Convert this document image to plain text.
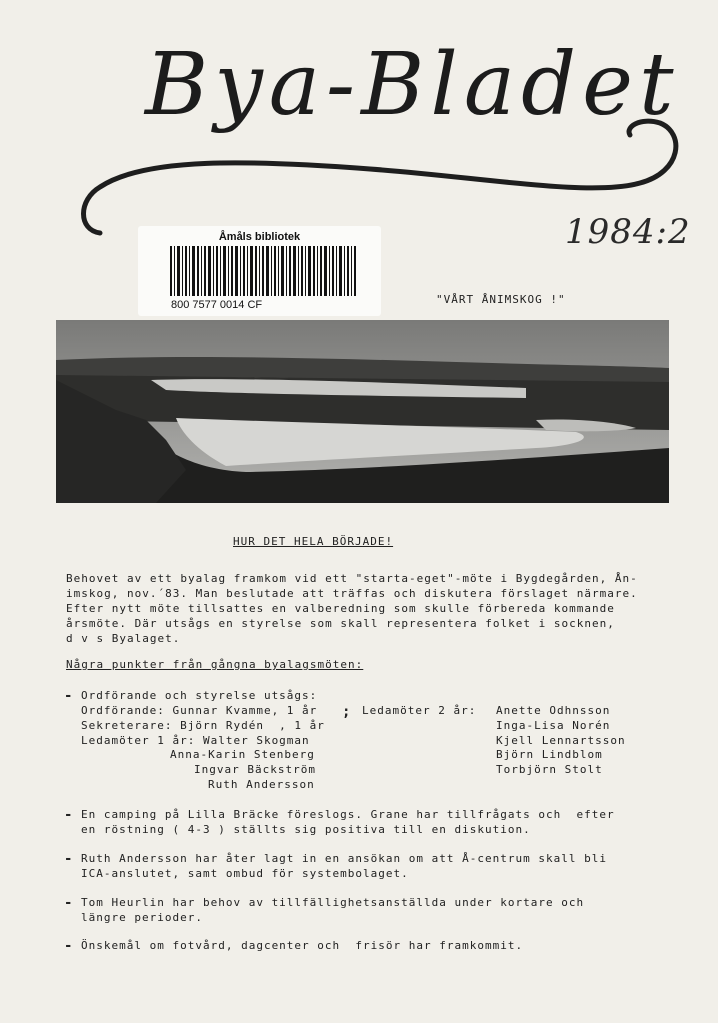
Bya-Bladet
1984:2
Åmåls bibliotek
800 7577 0014 CF	"VÅRT ÅNIMSKOG !"
HUR DET HELA BÖRJADE!
Behovet av ett byalag framkom vid ett "starta-eget"-möte i Bygdegården, Ån-
imskog, nov.´83. Man beslutade att träffas och diskutera förslaget närmare.
Efter nytt möte tillsattes en valberedning som skulle förbereda kommande
årsmöte. Där utsågs en styrelse som skall representera folket i socknen,
d v s Byalaget.
Några punkter från gångna byalagsmöten:
- Ordförande och styrelse utsågs:
Ordförande: Gunnar Kvamme, 1 år
Sekreterare: Björn Rydén  , 1 år
Ledamöter 1 år: Walter Skogman
Anna-Karin Stenberg
Ingvar Bäckström
Ruth Andersson
; Ledamöter 2 år: Anette Odhnsson
Inga-Lisa Norén
Kjell Lennartsson
Björn Lindblom
Torbjörn Stolt
- En camping på Lilla Bräcke föreslogs. Grane har tillfrågats och  efter
en röstning ( 4-3 ) ställts sig positiva till en diskution.
- Ruth Andersson har åter lagt in en ansökan om att Å-centrum skall bli
ICA-anslutet, samt ombud för systembolaget.
- Tom Heurlin har behov av tillfällighetsanställda under kortare och
längre perioder.
- Önskemål om fotvård, dagcenter och  frisör har framkommit.
